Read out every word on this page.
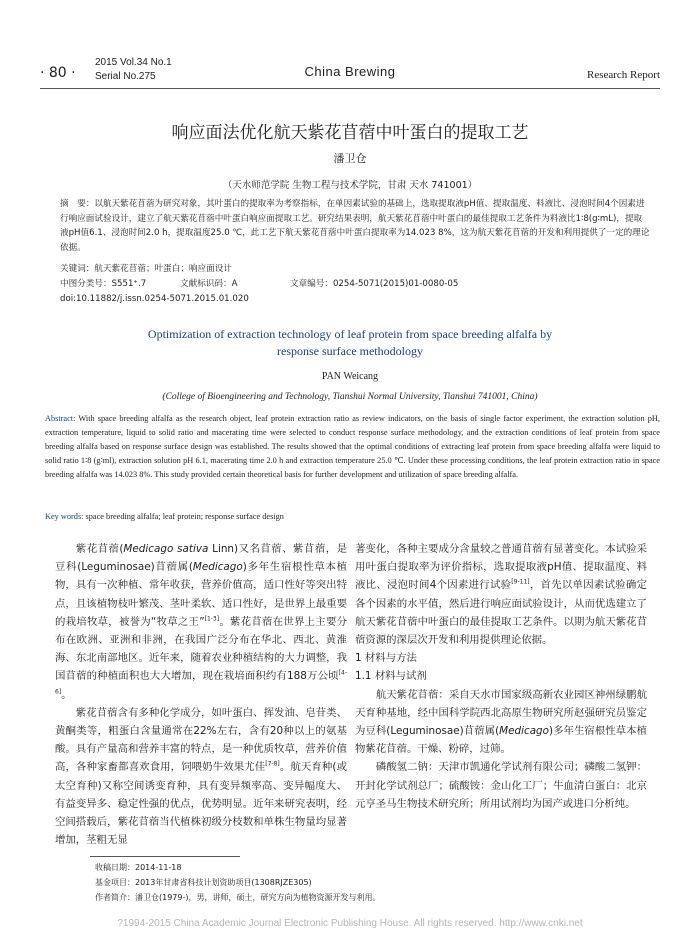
· 80 ·
2015 Vol.34 No.1
Serial No.275	China Brewing	Research Report
响应面法优化航天紫花苜蓿中叶蛋白的提取工艺
潘卫仓
（天水师范学院 生物工程与技术学院，甘肃 天水 741001）
摘　要：以航天紫花苜蓿为研究对象，其叶蛋白的提取率为考察指标，在单因素试验的基础上，选取提取液pH值、提取温度、料液比、浸泡时间4个因素进行响应面试验设计，建立了航天紫花苜蓿中叶蛋白响应面提取工艺。研究结果表明，航天紫花苜蓿中叶蛋白的最佳提取工艺条件为料液比1∶8(g∶mL)，提取液pH值6.1、浸泡时间2.0 h，提取温度25.0 ℃，此工艺下航天紫花苜蓿中叶蛋白提取率为14.023 8%，这为航天紫花苜蓿的开发和利用提供了一定的理论依据。
关键词：航天紫花苜蓿；叶蛋白；响应面设计
中图分类号：S551⁺.7	文献标识码：A	文章编号：0254-5071(2015)01-0080-05
doi:10.11882/j.issn.0254-5071.2015.01.020
Optimization of extraction technology of leaf protein from space breeding alfalfa by
response surface methodology
PAN Weicang
(College of Bioengineering and Technology, Tianshui Normal University, Tianshui 741001, China)
Abstract: With space breeding alfalfa as the research object, leaf protein extraction ratio as review indicators, on the basis of single factor experiment, the extraction solution pH, extraction temperature, liquid to solid ratio and macerating time were selected to conduct response surface methodology, and the extraction conditions of leaf protein from space breeding alfalfa based on response surface design was established. The results showed that the optimal conditions of extracting leaf protein from space breeding alfalfa were liquid to solid ratio 1∶8 (g∶ml), extraction solution pH 6.1, macerating time 2.0 h and extraction temperature 25.0 ℃. Under these processing conditions, the leaf protein extraction ratio in space breeding alfalfa was 14.023 8%. This study provided certain theoretical basis for further development and utilization of space breeding alfalfa.
Key words: space breeding alfalfa; leaf protein; response surface design

紫花苜蓿(Medicago sativa Linn)又名苜蓿、紫苜蓿，是豆科(Leguminosae)苜蓿属(Medicago)多年生宿根性草本植物，具有一次种植、常年收获，营养价值高，适口性好等突出特点，且该植物枝叶繁茂、茎叶柔软、适口性好，是世界上最重要的栽培牧草，被誉为“牧草之王”[1-3]。紫花苜蓿在世界上主要分布在欧洲、亚洲和非洲，在我国广泛分布在华北、西北、黄淮海、东北南部地区。近年来，随着农业种植结构的大力调整，我国苜蓿的种植面积也大大增加，现在栽培面积约有188万公顷[4-6]。

紫花苜蓿含有多种化学成分，如叶蛋白、挥发油、皂苷类、黄酮类等，粗蛋白含量通常在22%左右，含有20种以上的氨基酸。具有产量高和营养丰富的特点，是一种优质牧草，营养价值高，各种家畜都喜欢食用，饲喂奶牛效果尤佳[7-8]。航天育种(或太空育种)又称空间诱变育种，具有变异频率高、变异幅度大、有益变异多、稳定性强的优点，优势明显。近年来研究表明，经空间搭载后，紫花苜蓿当代植株初级分枝数和单株生物量均显著增加，茎粗无显

著变化，各种主要成分含量较之普通苜蓿有显著变化。本试验采用叶蛋白提取率为评价指标，选取提取液pH值、提取温度、料液比、浸泡时间4个因素进行试验[9-11]，首先以单因素试验确定各个因素的水平值，然后进行响应面试验设计，从而优选建立了航天紫花苜蓿中叶蛋白的最佳提取工艺条件。以期为航天紫花苜蓿资源的深层次开发和利用提供理论依据。

1 材料与方法

1.1 材料与试剂

航天紫花苜蓿：采自天水市国家级高新农业园区神州绿鹏航天育种基地，经中国科学院西北高原生物研究所赵强研究员鉴定为豆科(Leguminosae)苜蓿属(Medicago)多年生宿根性草本植物紫花苜蓿。干燥、粉碎，过筛。

磷酸氢二钠：天津市凯通化学试剂有限公司；磷酸二氢钾：开封化学试剂总厂；硫酸铵：金山化工厂；牛血清白蛋白：北京元亨圣马生物技术研究所；所用试剂均为国产或进口分析纯。

收稿日期：2014-11-18
基金项目：2013年甘肃省科技计划资助项目(1308RJZE305)
作者简介：潘卫仓(1979-)，男，讲师，硕士，研究方向为植物资源开发与利用。
?1994-2015 China Academic Journal Electronic Publishing House. All rights reserved. http://www.cnki.net
